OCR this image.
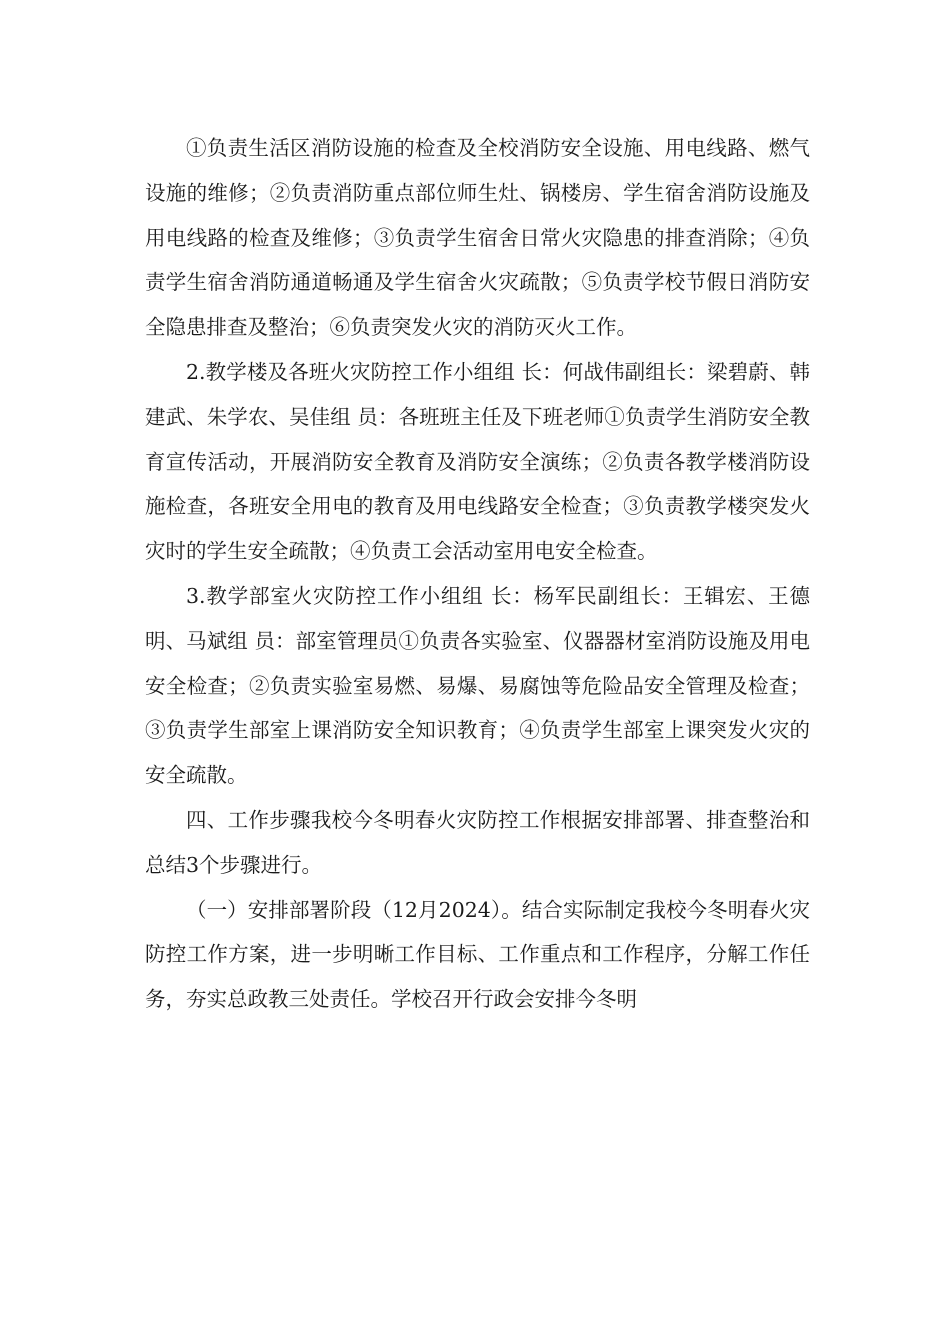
①负责生活区消防设施的检查及全校消防安全设施、用电线路、燃气设施的维修；②负责消防重点部位师生灶、锅楼房、学生宿舍消防设施及用电线路的检查及维修；③负责学生宿舍日常火灾隐患的排查消除；④负责学生宿舍消防通道畅通及学生宿舍火灾疏散；⑤负责学校节假日消防安全隐患排查及整治；⑥负责突发火灾的消防灭火工作。

2.教学楼及各班火灾防控工作小组组 长：何战伟副组长：梁碧蔚、韩建武、朱学农、吴佳组 员：各班班主任及下班老师①负责学生消防安全教育宣传活动，开展消防安全教育及消防安全演练；②负责各教学楼消防设施检查，各班安全用电的教育及用电线路安全检查；③负责教学楼突发火灾时的学生安全疏散；④负责工会活动室用电安全检查。

3.教学部室火灾防控工作小组组 长：杨军民副组长：王辑宏、王德明、马斌组 员：部室管理员①负责各实验室、仪器器材室消防设施及用电安全检查；②负责实验室易燃、易爆、易腐蚀等危险品安全管理及检查；③负责学生部室上课消防安全知识教育；④负责学生部室上课突发火灾的安全疏散。

四、工作步骤我校今冬明春火灾防控工作根据安排部署、排查整治和总结3个步骤进行。

（一）安排部署阶段（12月2024）。结合实际制定我校今冬明春火灾防控工作方案，进一步明晰工作目标、工作重点和工作程序，分解工作任务，夯实总政教三处责任。学校召开行政会安排今冬明
